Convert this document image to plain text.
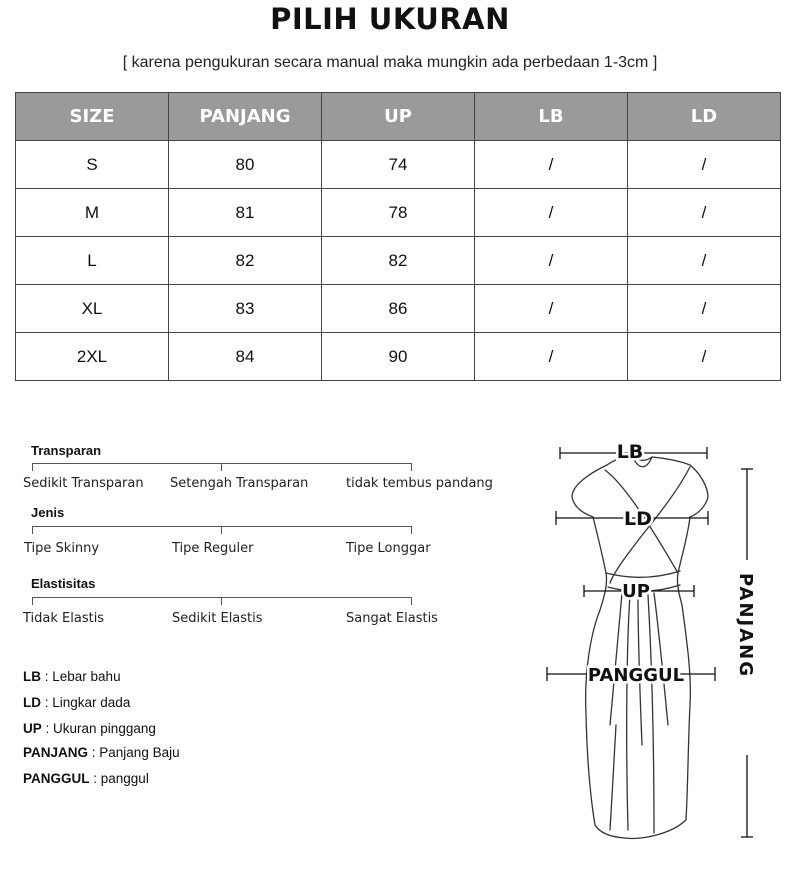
PILIH UKURAN
[ karena pengukuran secara manual maka mungkin ada perbedaan 1-3cm ]
SIZE	PANJANG	UP	LB	LD
S	80	74	/	/
M	81	78	/	/
L	82	82	/	/
XL	83	86	/	/
2XL	84	90	/	/
Transparan
Sedikit Transparan Setengah Transparan	tidak tembus pandang
Jenis
Tipe Skinny	Tipe Reguler	Tipe Longgar
Elastisitas
Tidak Elastis	Sedikit Elastis	Sangat Elastis
LB : Lebar bahu
LD : Lingkar dada
UP : Ukuran pinggang
PANJANG : Panjang Baju
PANGGUL : panggul
LB
LD
UP
PANGGUL	PANJANG
